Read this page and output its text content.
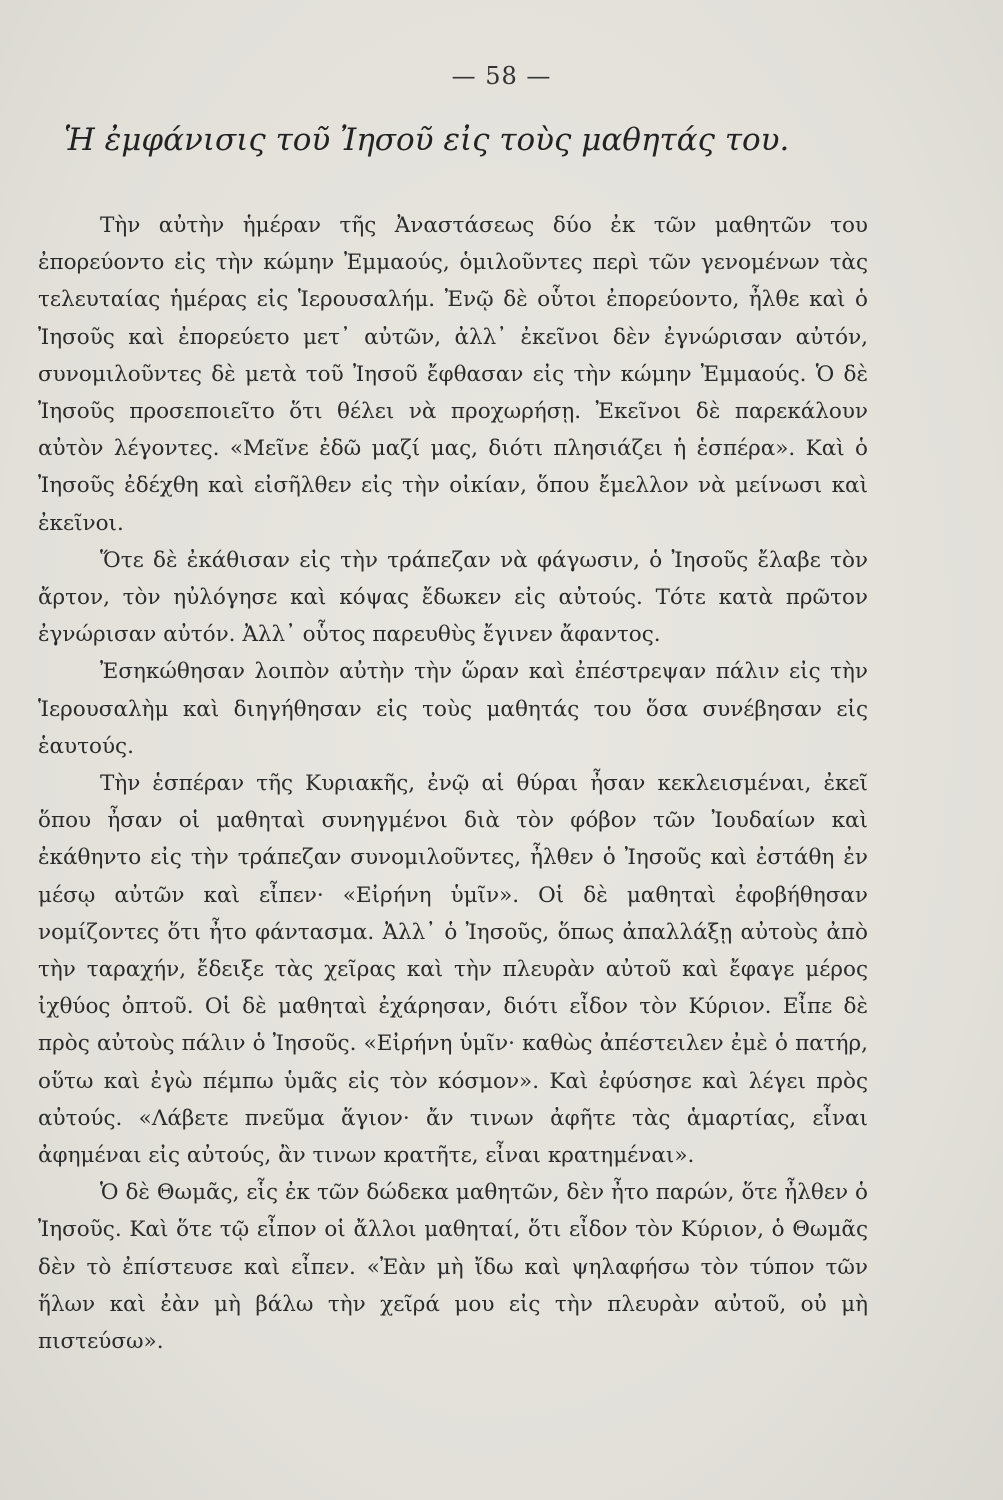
— 58 —
Ἡ ἐμφάνισις τοῦ Ἰησοῦ εἰς τοὺς μαθητάς του.

Τὴν αὐτὴν ἡμέραν τῆς Ἀναστάσεως δύο ἐκ τῶν μαθητῶν του ἐπορεύοντο εἰς τὴν κώμην Ἐμμαούς, ὁμιλοῦντες περὶ τῶν γενομένων τὰς τελευταίας ἡμέρας εἰς Ἱερουσαλήμ. Ἐνῷ δὲ οὗτοι ἐπορεύοντο, ἦλθε καὶ ὁ Ἰησοῦς καὶ ἐπορεύετο μετ᾽ αὐτῶν, ἀλλ᾽ ἐκεῖνοι δὲν ἐγνώρισαν αὐτόν, συνομιλοῦντες δὲ μετὰ τοῦ Ἰησοῦ ἔφθασαν εἰς τὴν κώμην Ἐμμαούς. Ὁ δὲ Ἰησοῦς προσεποιεῖτο ὅτι θέλει νὰ προχωρήσῃ. Ἐκεῖνοι δὲ παρεκάλουν αὐτὸν λέγοντες. «Μεῖνε ἐδῶ μαζί μας, διότι πλησιάζει ἡ ἑσπέρα». Καὶ ὁ Ἰησοῦς ἐδέχθη καὶ εἰσῆλθεν εἰς τὴν οἰκίαν, ὅπου ἔμελλον νὰ μείνωσι καὶ ἐκεῖνοι.

Ὅτε δὲ ἐκάθισαν εἰς τὴν τράπεζαν νὰ φάγωσιν, ὁ Ἰησοῦς ἔλαβε τὸν ἄρτον, τὸν ηὐλόγησε καὶ κόψας ἔδωκεν εἰς αὐτούς. Τότε κατὰ πρῶτον ἐγνώρισαν αὐτόν. Ἀλλ᾽ οὗτος παρευθὺς ἔγινεν ἄφαντος.

Ἐσηκώθησαν λοιπὸν αὐτὴν τὴν ὥραν καὶ ἐπέστρεψαν πάλιν εἰς τὴν Ἱερουσαλὴμ καὶ διηγήθησαν εἰς τοὺς μαθητάς του ὅσα συνέβησαν εἰς ἑαυτούς.

Τὴν ἑσπέραν τῆς Κυριακῆς, ἐνῷ αἱ θύραι ἦσαν κεκλεισμέναι, ἐκεῖ ὅπου ἦσαν οἱ μαθηταὶ συνηγμένοι διὰ τὸν φόβον τῶν Ἰουδαίων καὶ ἐκάθηντο εἰς τὴν τράπεζαν συνομιλοῦντες, ἦλθεν ὁ Ἰησοῦς καὶ ἐστάθη ἐν μέσῳ αὐτῶν καὶ εἶπεν· «Εἰρήνη ὑμῖν». Οἱ δὲ μαθηταὶ ἐφοβήθησαν νομίζοντες ὅτι ἦτο φάντασμα. Ἀλλ᾽ ὁ Ἰησοῦς, ὅπως ἀπαλλάξῃ αὐτοὺς ἀπὸ τὴν ταραχήν, ἔδειξε τὰς χεῖρας καὶ τὴν πλευρὰν αὐτοῦ καὶ ἔφαγε μέρος ἰχθύος ὀπτοῦ. Οἱ δὲ μαθηταὶ ἐχάρησαν, διότι εἶδον τὸν Κύριον. Εἶπε δὲ πρὸς αὐτοὺς πάλιν ὁ Ἰησοῦς. «Εἰρήνη ὑμῖν· καθὼς ἀπέστειλεν ἐμὲ ὁ πατήρ, οὕτω καὶ ἐγὼ πέμπω ὑμᾶς εἰς τὸν κόσμον». Καὶ ἐφύσησε καὶ λέγει πρὸς αὐτούς. «Λάβετε πνεῦμα ἅγιον· ἄν τινων ἀφῆτε τὰς ἁμαρτίας, εἶναι ἀφημέναι εἰς αὐτούς, ἂν τινων κρατῆτε, εἶναι κρατημέναι».

Ὁ δὲ Θωμᾶς, εἷς ἐκ τῶν δώδεκα μαθητῶν, δὲν ἦτο παρών, ὅτε ἦλθεν ὁ Ἰησοῦς. Καὶ ὅτε τῷ εἶπον οἱ ἄλλοι μαθηταί, ὅτι εἶδον τὸν Κύριον, ὁ Θωμᾶς δὲν τὸ ἐπίστευσε καὶ εἶπεν. «Ἐὰν μὴ ἴδω καὶ ψηλαφήσω τὸν τύπον τῶν ἥλων καὶ ἐὰν μὴ βάλω τὴν χεῖρά μου εἰς τὴν πλευρὰν αὐτοῦ, οὐ μὴ πιστεύσω».
